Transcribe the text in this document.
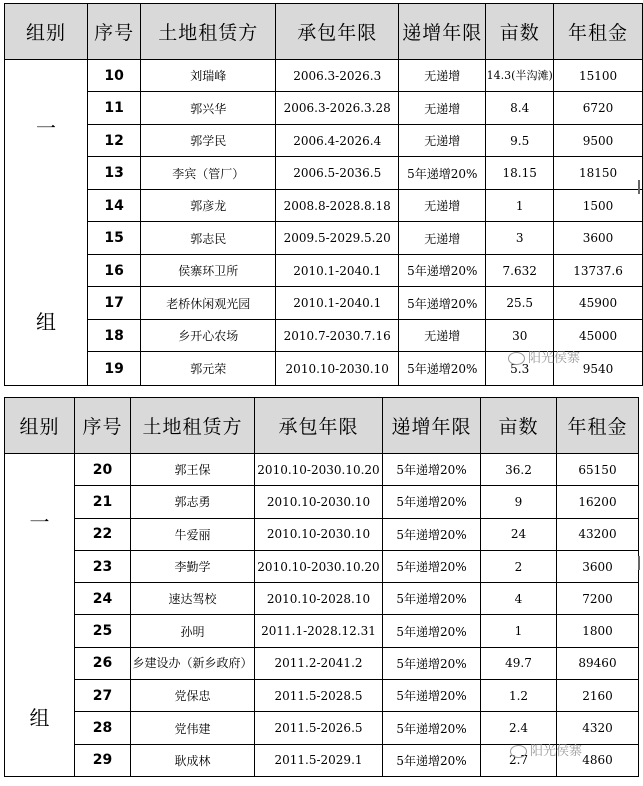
组别	序号	土地租赁方	承包年限	递增年限	亩数	年租金

一
组	10	刘瑞峰	2006.3-2026.3	无递增	14.3(半沟滩)	15100
	11	郭兴华	2006.3-2026.3.28	无递增	8.4	6720
	12	郭学民	2006.4-2026.4	无递增	9.5	9500
	13	李宾（管厂）	2006.5-2036.5	5年递增20%	18.15	18150
	14	郭彦龙	2008.8-2028.8.18	无递增	1	1500
	15	郭志民	2009.5-2029.5.20	无递增	3	3600
	16	侯寨环卫所	2010.1-2040.1	5年递增20%	7.632	13737.6
	17	老桥休闲观光园	2010.1-2040.1	5年递增20%	25.5	45900
	18	乡开心农场	2010.7-2030.7.16	无递增	30	45000
	19	郭元荣	2010.10-2030.10	5年递增20%	5.3	9540
阳光侯寨
组别	序号	土地租赁方	承包年限	递增年限	亩数	年租金

一
组	20	郭王保	2010.10-2030.10.20	5年递增20%	36.2	65150
	21	郭志勇	2010.10-2030.10	5年递增20%	9	16200
	22	牛爱丽	2010.10-2030.10	5年递增20%	24	43200
	23	李勤学	2010.10-2030.10.20	5年递增20%	2	3600
	24	速达驾校	2010.10-2028.10	5年递增20%	4	7200
	25	孙明	2011.1-2028.12.31	5年递增20%	1	1800
	26	乡建设办（新乡政府）	2011.2-2041.2	5年递增20%	49.7	89460
	27	党保忠	2011.5-2028.5	5年递增20%	1.2	2160
	28	党伟建	2011.5-2026.5	5年递增20%	2.4	4320
	29	耿成林	2011.5-2029.1	5年递增20%	2.7	4860
阳光侯寨
